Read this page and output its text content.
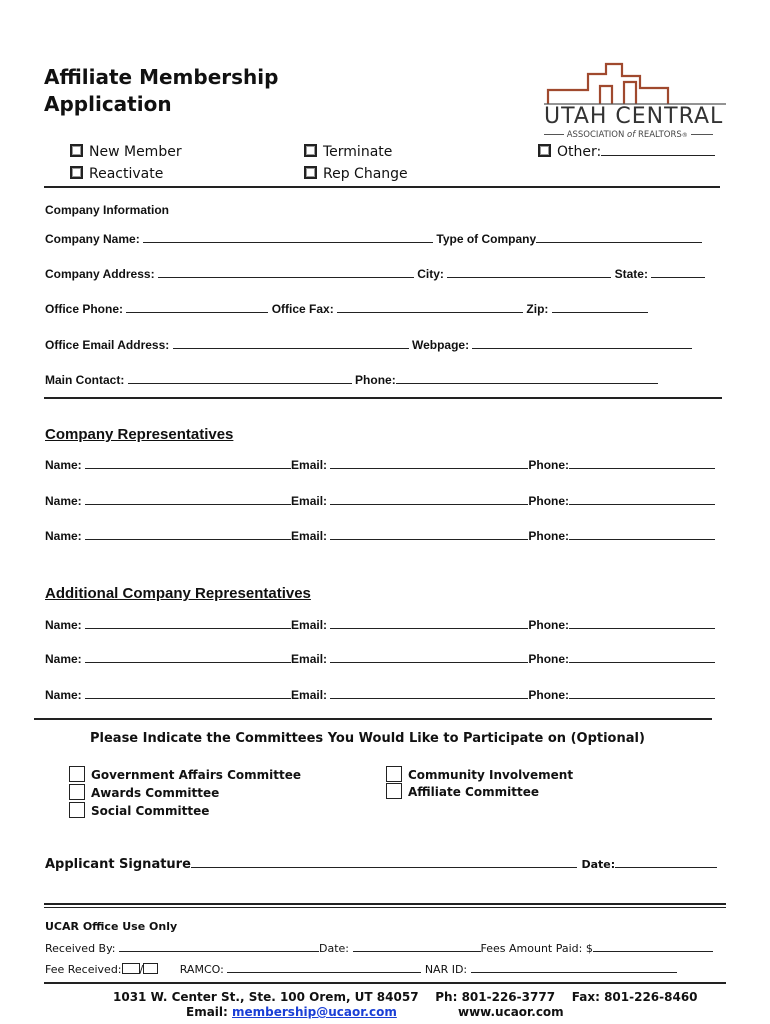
Affiliate Membership
Application	UTAH CENTRAL
ASSOCIATION of REALTORS®
New Member
Reactivate
Terminate
Rep Change
Other:
Company Information
Company Name:	Type of Company
Company Address:	City:	State:
Office Phone:	Office Fax:	Zip:
Office Email Address:	Webpage:
Main Contact:	Phone:
Company Representatives
Name:	Email:	Phone:
Name:	Email:	Phone:
Name:	Email:	Phone:
Additional Company Representatives
Name:	Email:	Phone:
Name:	Email:	Phone:
Name:	Email:	Phone:
Please Indicate the Committees You Would Like to Participate on (Optional)
Government Affairs Committee
Awards Committee
Social Committee
Community Involvement
Affiliate Committee
Applicant Signature	Date:
UCAR Office Use Only
Received By:	Date:	Fees Amount Paid: $
Fee Received: /	RAMCO:	NAR ID:
1031 W. Center St., Ste. 100 Orem, UT 84057 Ph: 801-226-3777 Fax: 801-226-8460
Email: membership@ucaor.com	www.ucaor.com
